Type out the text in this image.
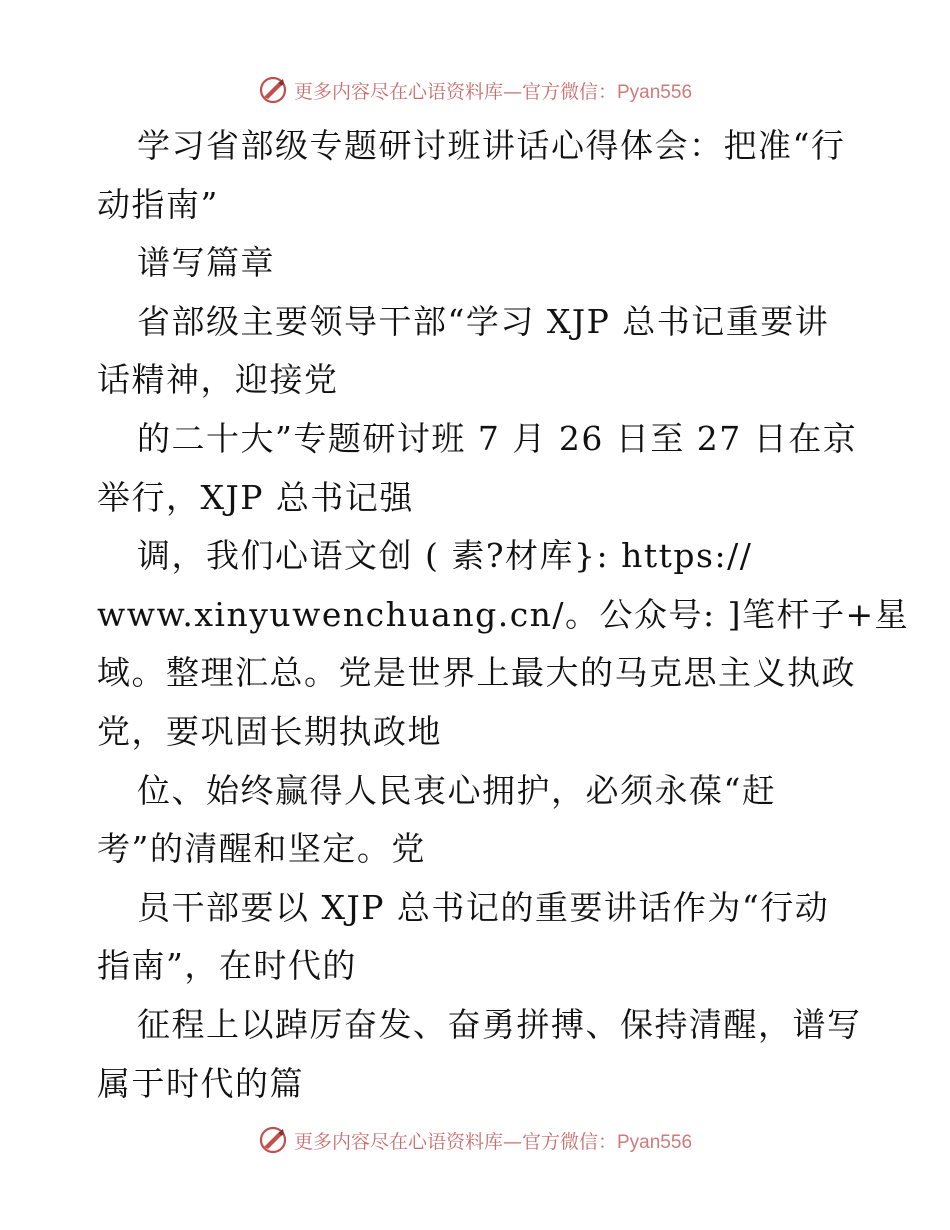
更多内容尽在心语资料库—官方微信：Pyan556
学习省部级专题研讨班讲话心得体会：把准“行
动指南”
谱写篇章
省部级主要领导干部“学习 XJP 总书记重要讲
话精神，迎接党
的二十大”专题研讨班 7 月 26 日至 27 日在京
举行，XJP 总书记强
调，我们心语文创 ( 素?材库}: https://
www.xinyuwenchuang.cn/。公众号: ]笔杆子+星
域。整理汇总。党是世界上最大的马克思主义执政
党，要巩固长期执政地
位、始终赢得人民衷心拥护，必须永葆“赶
考”的清醒和坚定。党
员干部要以 XJP 总书记的重要讲话作为“行动
指南”，在时代的
征程上以踔厉奋发、奋勇拼搏、保持清醒，谱写
属于时代的篇
更多内容尽在心语资料库—官方微信：Pyan556
